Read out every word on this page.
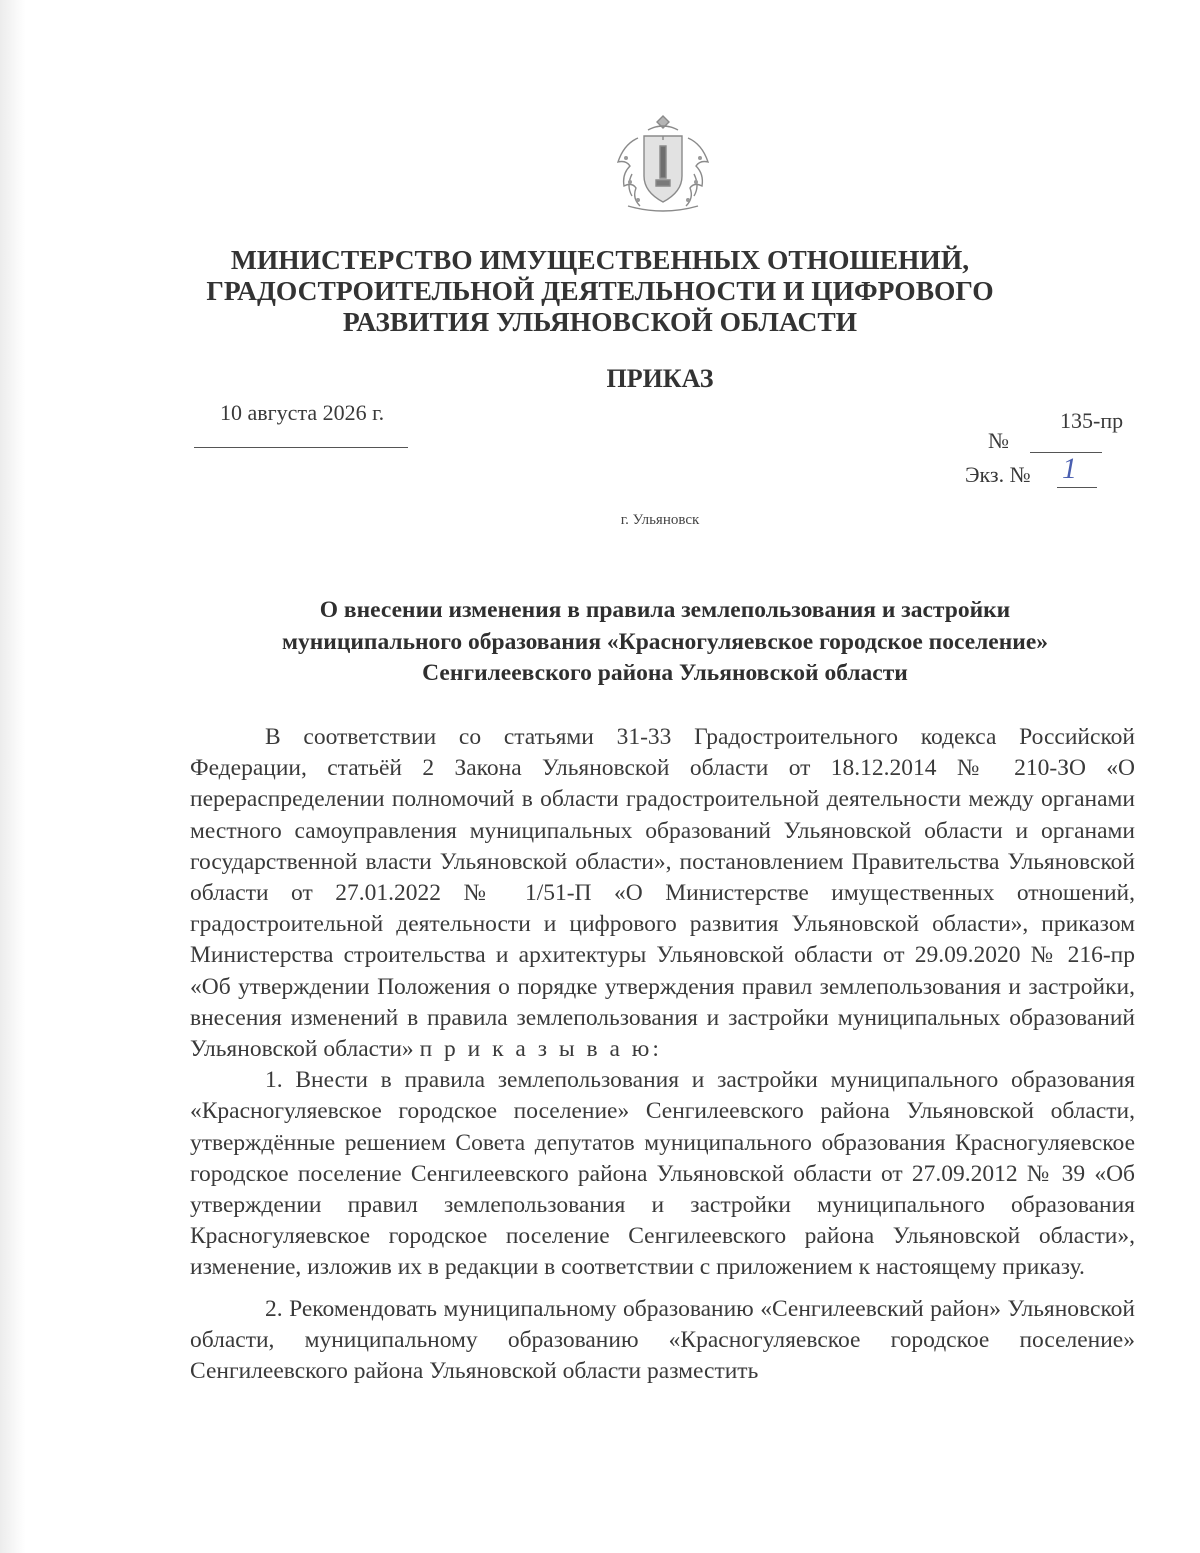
МИНИСТЕРСТВО ИМУЩЕСТВЕННЫХ ОТНОШЕНИЙ,
ГРАДОСТРОИТЕЛЬНОЙ ДЕЯТЕЛЬНОСТИ И ЦИФРОВОГО
РАЗВИТИЯ УЛЬЯНОВСКОЙ ОБЛАСТИ
ПРИКАЗ
10 августа 2026 г.
№
135-пр
Экз. № 1
г. Ульяновск
О внесении изменения в правила землепользования и застройки
муниципального образования «Красногуляевское городское поселение»
Сенгилеевского района Ульяновской области

В соответствии со статьями 31-33 Градостроительного кодекса Российской Федерации, статьёй 2 Закона Ульяновской области от 18.12.2014 № 210-ЗО «О перераспределении полномочий в области градостроительной деятельности между органами местного самоуправления муниципальных образований Ульяновской области и органами государственной власти Ульяновской области», постановлением Правительства Ульяновской области от 27.01.2022 № 1/51-П «О Министерстве имущественных отношений, градостроительной деятельности и цифрового развития Ульяновской области», приказом Министерства строительства и архитектуры Ульяновской области от 29.09.2020 № 216-пр «Об утверждении Положения о порядке утверждения правил землепользования и застройки, внесения изменений в правила землепользования и застройки муниципальных образований Ульяновской области» п р и к а з ы в а ю:

1. Внести в правила землепользования и застройки муниципального образования «Красногуляевское городское поселение» Сенгилеевского района Ульяновской области, утверждённые решением Совета депутатов муниципального образования Красногуляевское городское поселение Сенгилеевского района Ульяновской области от 27.09.2012 № 39 «Об утверждении правил землепользования и застройки муниципального образования Красногуляевское городское поселение Сенгилеевского района Ульяновской области», изменение, изложив их в редакции в соответствии с приложением к настоящему приказу.

2. Рекомендовать муниципальному образованию «Сенгилеевский район» Ульяновской области, муниципальному образованию «Красногуляевское городское поселение» Сенгилеевского района Ульяновской области разместить
